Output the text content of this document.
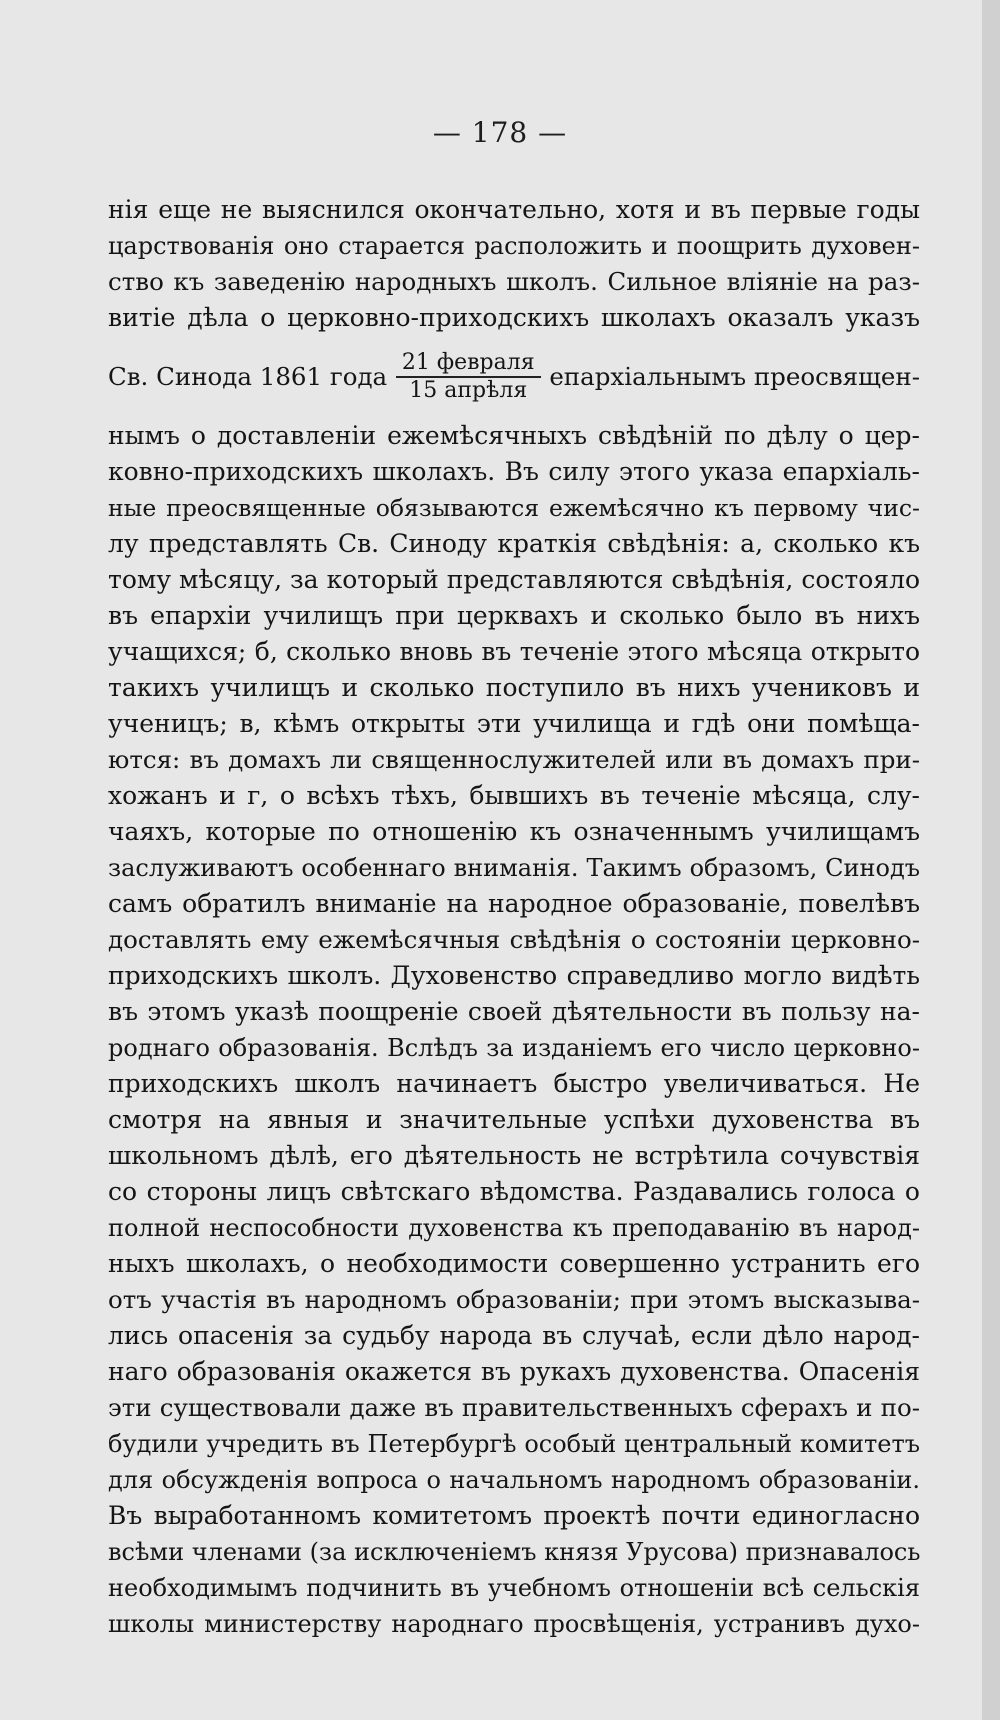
— 178 —
нія еще не выяснился окончательно, хотя и въ первые годы
царствованія оно старается расположить и поощрить духовен-
ство къ заведенію народныхъ школъ. Сильное вліяніе на раз-
витіе дѣла о церковно-приходскихъ школахъ оказалъ указъ
Св. Синода 1861 года $\frac{\text{21 февраля}}{\text{15 апрѣля}}$ епархіальнымъ преосвящен-
нымъ о доставленіи ежемѣсячныхъ свѣдѣній по дѣлу о цер-
ковно-приходскихъ школахъ. Въ силу этого указа епархіаль-
ные преосвященные обязываются ежемѣсячно къ первому чис-
лу представлять Св. Синоду краткія свѣдѣнія: а, сколько къ
тому мѣсяцу, за который представляются свѣдѣнія, состояло
въ епархіи училищъ при церквахъ и сколько было въ нихъ
учащихся; б, сколько вновь въ теченіе этого мѣсяца открыто
такихъ училищъ и сколько поступило въ нихъ учениковъ и
ученицъ; в, кѣмъ открыты эти училища и гдѣ они помѣща-
ются: въ домахъ ли священнослужителей или въ домахъ при-
хожанъ и г, о всѣхъ тѣхъ, бывшихъ въ теченіе мѣсяца, слу-
чаяхъ, которые по отношенію къ означеннымъ училищамъ
заслуживаютъ особеннаго вниманія. Такимъ образомъ, Синодъ
самъ обратилъ вниманіе на народное образованіе, повелѣвъ
доставлять ему ежемѣсячныя свѣдѣнія о состояніи церковно-
приходскихъ школъ. Духовенство справедливо могло видѣть
въ этомъ указѣ поощреніе своей дѣятельности въ пользу на-
роднаго образованія. Вслѣдъ за изданіемъ его число церковно-
приходскихъ школъ начинаетъ быстро увеличиваться. Не
смотря на явныя и значительные успѣхи духовенства въ
школьномъ дѣлѣ, его дѣятельность не встрѣтила сочувствія
со стороны лицъ свѣтскаго вѣдомства. Раздавались голоса о
полной неспособности духовенства къ преподаванію въ народ-
ныхъ школахъ, о необходимости совершенно устранить его
отъ участія въ народномъ образованіи; при этомъ высказыва-
лись опасенія за судьбу народа въ случаѣ, если дѣло народ-
наго образованія окажется въ рукахъ духовенства. Опасенія
эти существовали даже въ правительственныхъ сферахъ и по-
будили учредить въ Петербургѣ особый центральный комитетъ
для обсужденія вопроса о начальномъ народномъ образованіи.
Въ выработанномъ комитетомъ проектѣ почти единогласно
всѣми членами (за исключеніемъ князя Урусова) признавалось
необходимымъ подчинить въ учебномъ отношеніи всѣ сельскія
школы министерству народнаго просвѣщенія, устранивъ духо-
